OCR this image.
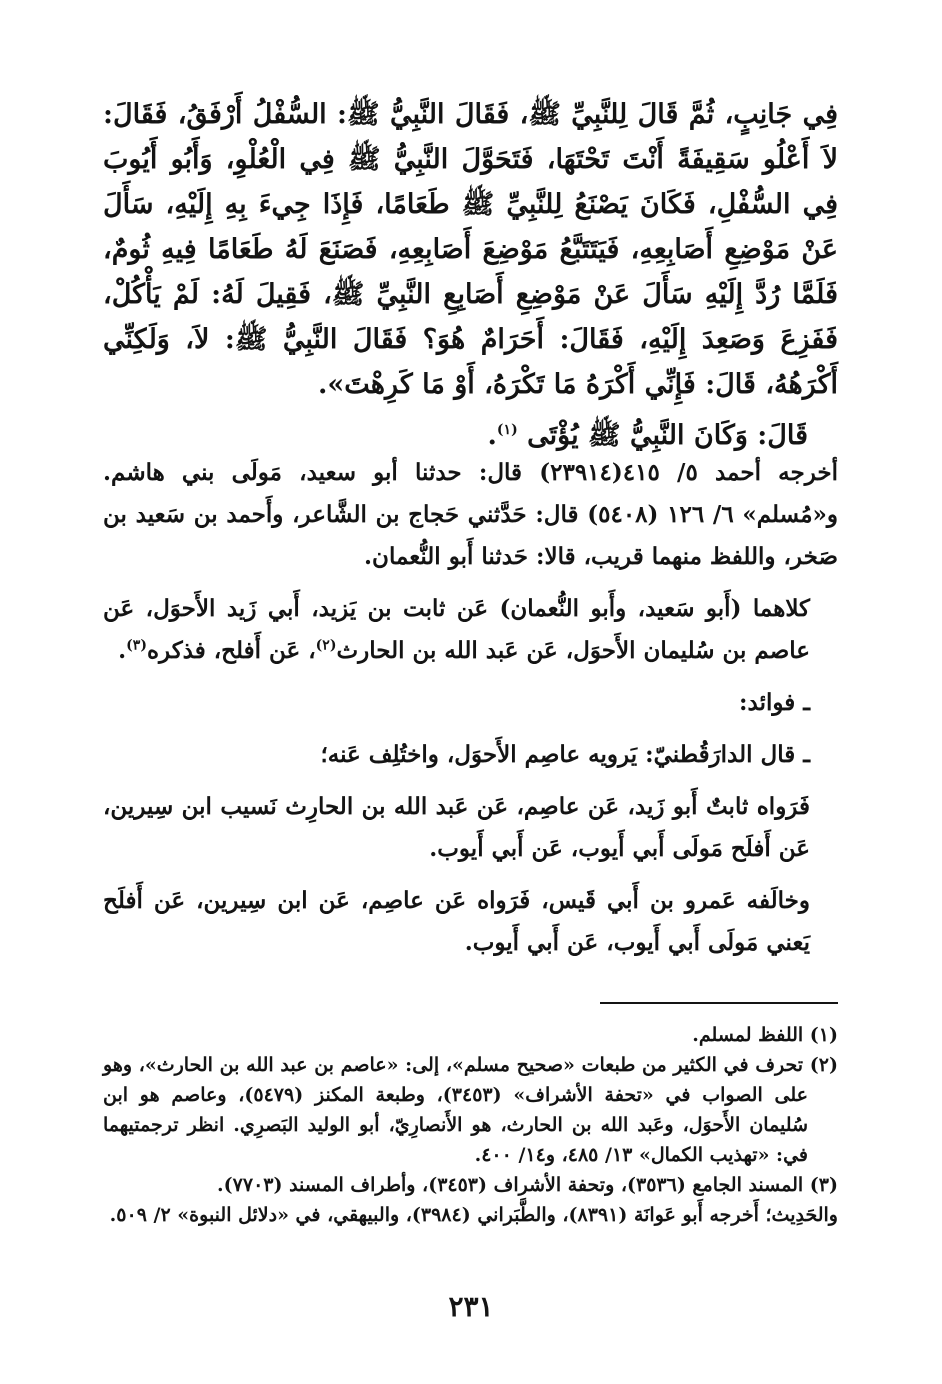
فِي جَانِبٍ، ثُمَّ قَالَ لِلنَّبِيِّ ﷺ، فَقَالَ النَّبِيُّ ﷺ: السُّفْلُ أَرْفَقُ، فَقَالَ: لاَ أَعْلُو سَقِيفَةً أَنْتَ تَحْتَهَا، فَتَحَوَّلَ النَّبِيُّ ﷺ فِي الْعُلْوِ، وَأَبُو أَيُوبَ فِي السُّفْلِ، فَكَانَ يَصْنَعُ لِلنَّبِيِّ ﷺ طَعَامًا، فَإِذَا جِيءَ بِهِ إِلَيْهِ، سَأَلَ عَنْ مَوْضِعِ أَصَابِعِهِ، فَيَتَتَبَّعُ مَوْضِعَ أَصَابِعِهِ، فَصَنَعَ لَهُ طَعَامًا فِيهِ ثُومٌ، فَلَمَّا رُدَّ إِلَيْهِ سَأَلَ عَنْ مَوْضِعِ أَصَابِعِ النَّبِيِّ ﷺ، فَقِيلَ لَهُ: لَمْ يَأْكُلْ، فَفَزِعَ وَصَعِدَ إِلَيْهِ، فَقَالَ: أَحَرَامٌ هُوَ؟ فَقَالَ النَّبِيُّ ﷺ: لاَ، وَلَكِنِّي أَكْرَهُهُ، قَالَ: فَإِنِّي أَكْرَهُ مَا تَكْرَهُ، أَوْ مَا كَرِهْتَ».

قَالَ: وَكَانَ النَّبِيُّ ﷺ يُؤْتَى $^{(١)}$.

أخرجه أحمد ٥/ ٤١٥(٢٣٩١٤) قال: حدثنا أبو سعيد، مَولَى بني هاشم. و«مُسلم» ٦/ ١٢٦ (٥٤٠٨) قال: حَدَّثني حَجاج بن الشَّاعر، وأَحمد بن سَعيد بن صَخر، واللفظ منهما قريب، قالا: حَدثنا أَبو النُّعمان.

كلاهما (أَبو سَعيد، وأَبو النُّعمان) عَن ثابت بن يَزيد، أَبي زَيد الأَحوَل، عَن عاصم بن سُليمان الأَحوَل، عَن عَبد الله بن الحارث$^{(٢)}$، عَن أَفلح، فذكره$^{(٣)}$.

ـ فوائد:

ـ قال الدارَقُطنيّ: يَرويه عاصِم الأَحوَل، واختُلِف عَنه؛

فَرَواه ثابتٌ أَبو زَيد، عَن عاصِم، عَن عَبد الله بن الحارِث نَسيب ابن سِيرين، عَن أَفلَح مَولَى أَبي أَيوب، عَن أَبي أَيوب.

وخالَفه عَمرو بن أَبي قَيس، فَرَواه عَن عاصِم، عَن ابن سِيرين، عَن أَفلَح يَعني مَولَى أَبي أَيوب، عَن أَبي أَيوب.

(١) اللفظ لمسلم.

(٢) تحرف في الكثير من طبعات «صحيح مسلم»، إلى: «عاصم بن عبد الله بن الحارث»، وهو على الصواب في «تحفة الأشراف» (٣٤٥٣)، وطبعة المكنز (٥٤٧٩)، وعاصم هو ابن سُليمان الأَحوَل، وعَبد الله بن الحارث، هو الأَنصارِيّ، أبو الوليد البَصرِي. انظر ترجمتيهما في: «تهذيب الكمال» ١٣/ ٤٨٥، و١٤/ ٤٠٠.

(٣) المسند الجامع (٣٥٣٦)، وتحفة الأشراف (٣٤٥٣)، وأطراف المسند (٧٧٠٣).

والحَدِيث؛ أَخرجه أَبو عَوانَة (٨٣٩١)، والطَّبَراني (٣٩٨٤)، والبيهقي، في «دلائل النبوة» ٢/ ٥٠٩.

٢٣١
